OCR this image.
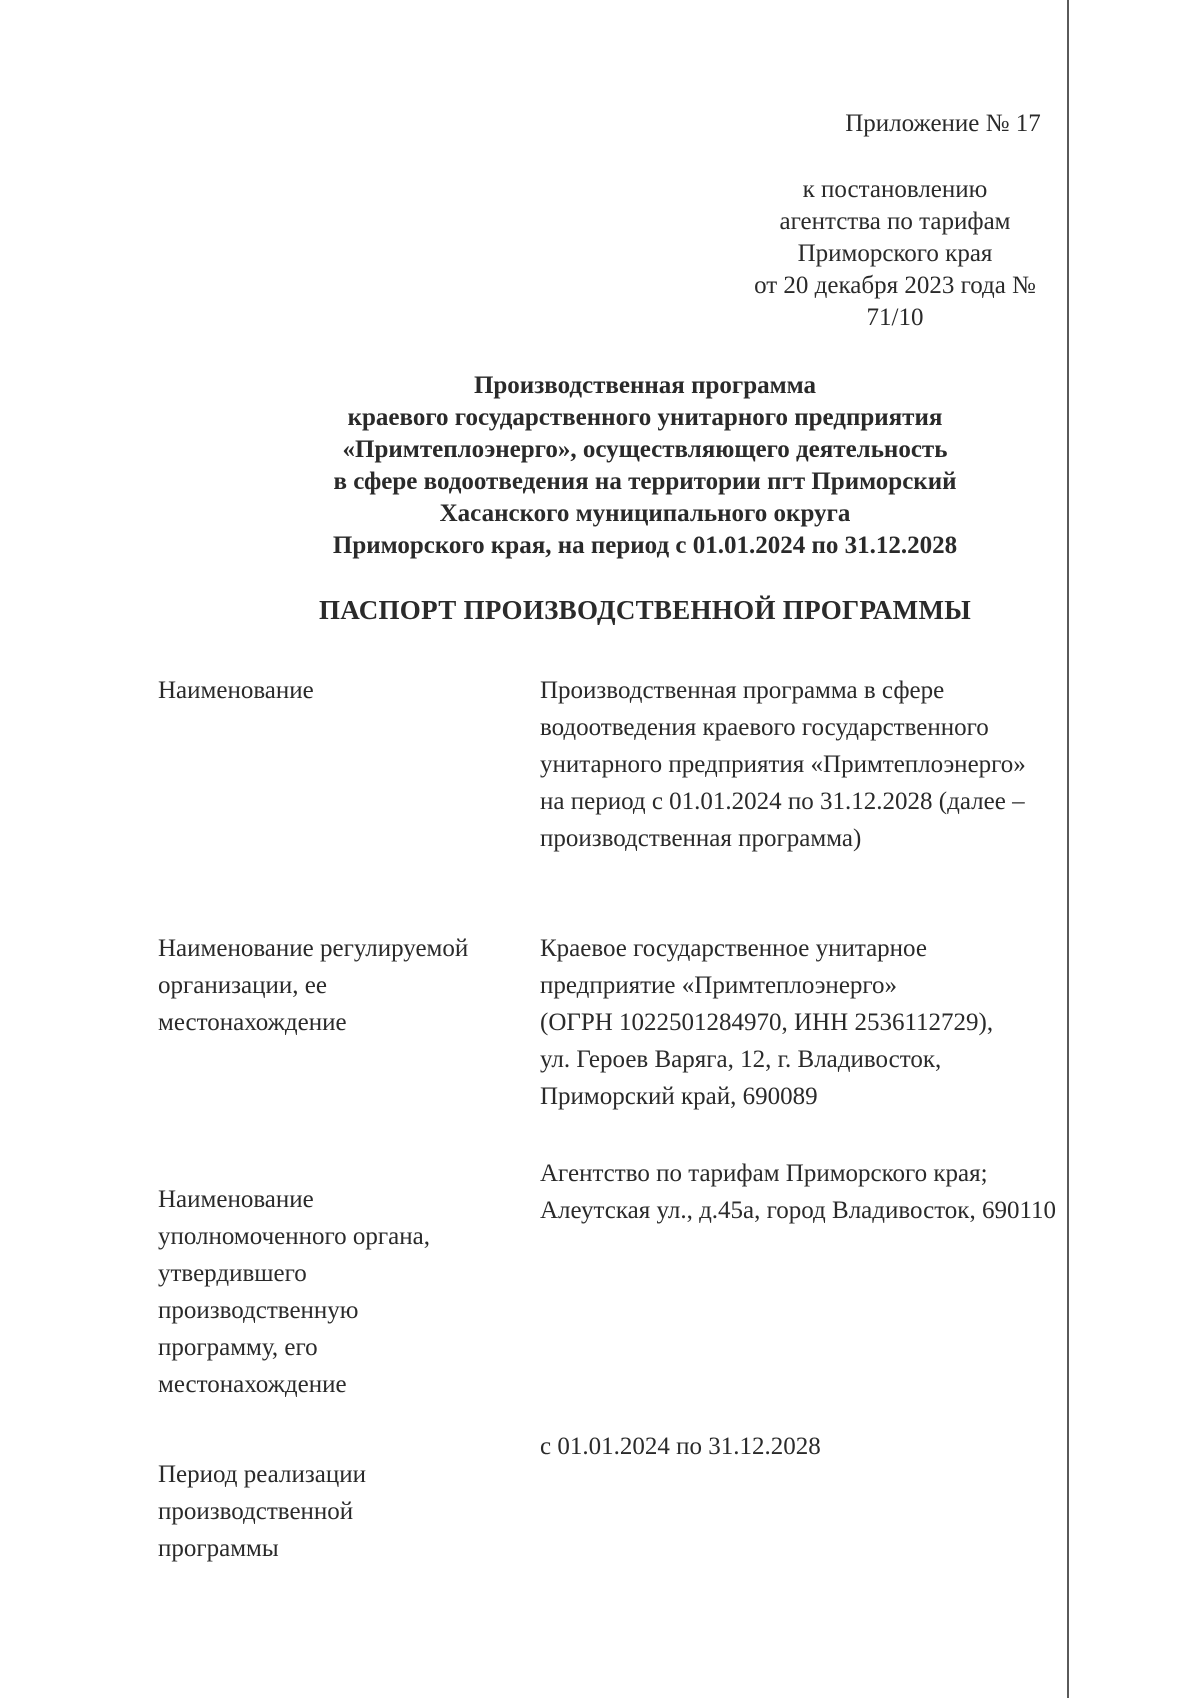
Приложение № 17
к постановлению
агентства по тарифам
Приморского края
от 20 декабря 2023 года № 71/10
Производственная программа
краевого государственного унитарного предприятия
«Примтеплоэнерго», осуществляющего деятельность
в сфере водоотведения на территории пгт Приморский
Хасанского муниципального округа
Приморского края, на период с 01.01.2024 по 31.12.2028
ПАСПОРТ ПРОИЗВОДСТВЕННОЙ ПРОГРАММЫ
Наименование	Производственная программа в сфере
водоотведения краевого государственного
унитарного предприятия «Примтеплоэнерго»
на период с 01.01.2024 по 31.12.2028 (далее –
производственная программа)
Наименование регулируемой
организации, ее
местонахождение
Краевое государственное унитарное
предприятие «Примтеплоэнерго»
(ОГРН 1022501284970, ИНН 2536112729),
ул. Героев Варяга, 12, г. Владивосток,
Приморский край, 690089
Наименование
уполномоченного органа,
утвердившего
производственную
программу, его
местонахождение
Агентство по тарифам Приморского края;
Алеутская ул., д.45а, город Владивосток, 690110
Период реализации
производственной
программы
с 01.01.2024 по 31.12.2028
